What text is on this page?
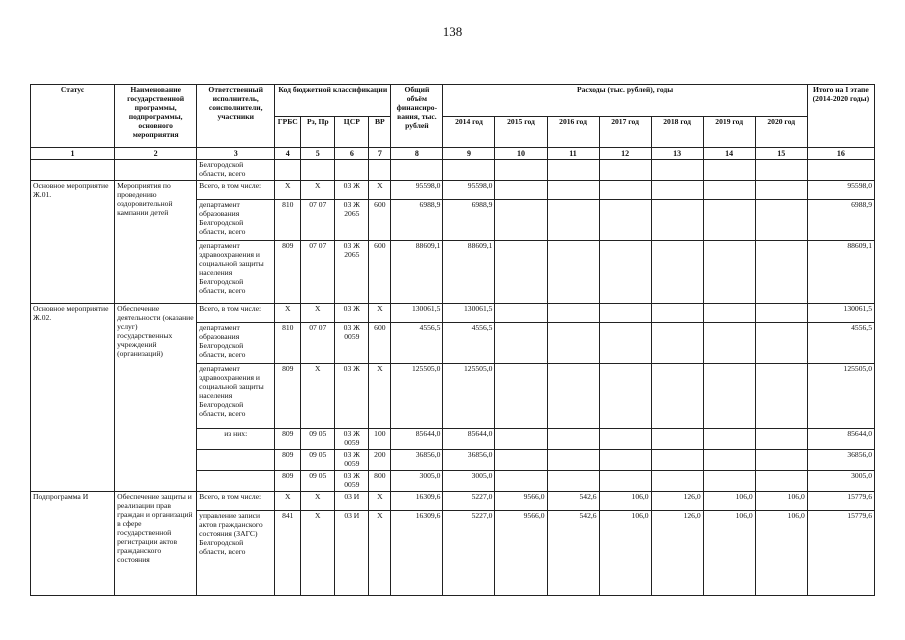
138
Статус	Наименование государственной программы, подпрограммы, основного мероприятия	Ответственный исполнитель, соисполнители, участники	Код бюджетной классификации				Общий объём финансиро-вания, тыс. рублей	Расходы (тыс. рублей), годы							Итого на I этапе (2014-2020 годы)
			ГРБС	Рз, Пр	ЦСР	ВР		2014 год	2015 год	2016 год	2017 год	2018 год	2019 год	2020 год	
1	2	3	4	5	6	7	8	9	10	11	12	13	14	15	16
		Белгородской области, всего													
Основное мероприятие Ж.01.	Мероприятия по проведению оздоровительной кампании детей	Всего, в том числе:	Х	Х	03 Ж	Х	95598,0	95598,0							95598,0
		департамент образования Белгородской области, всего	810	07 07	03 Ж 2065	600	6988,9	6988,9							6988,9
		департамент здравоохранения и социальной защиты населения Белгородской области, всего	809	07 07	03 Ж 2065	600	88609,1	88609,1							88609,1
Основное мероприятие Ж.02.	Обеспечение деятельности (оказание услуг) государственных учреждений (организаций)	Всего, в том числе:	Х	Х	03 Ж	Х	130061,5	130061,5							130061,5
		департамент образования Белгородской области, всего	810	07 07	03 Ж 0059	600	4556,5	4556,5							4556,5
		департамент здравоохранения и социальной защиты населения Белгородской области, всего	809	Х	03 Ж	Х	125505,0	125505,0							125505,0
		из них:	809	09 05	03 Ж 0059	100	85644,0	85644,0							85644,0
			809	09 05	03 Ж 0059	200	36856,0	36856,0							36856,0
			809	09 05	03 Ж 0059	800	3005,0	3005,0							3005,0
Подпрограмма И	Обеспечение защиты и реализации прав граждан и организаций в сфере государственной регистрации актов гражданского состояния	Всего, в том числе:	Х	Х	03 И	Х	16309,6	5227,0	9566,0	542,6	106,0	126,0	106,0	106,0	15779,6
		управление записи актов гражданского состояния (ЗАГС) Белгородской области, всего	841	Х	03 И	Х	16309,6	5227,0	9566,0	542,6	106,0	126,0	106,0	106,0	15779,6
